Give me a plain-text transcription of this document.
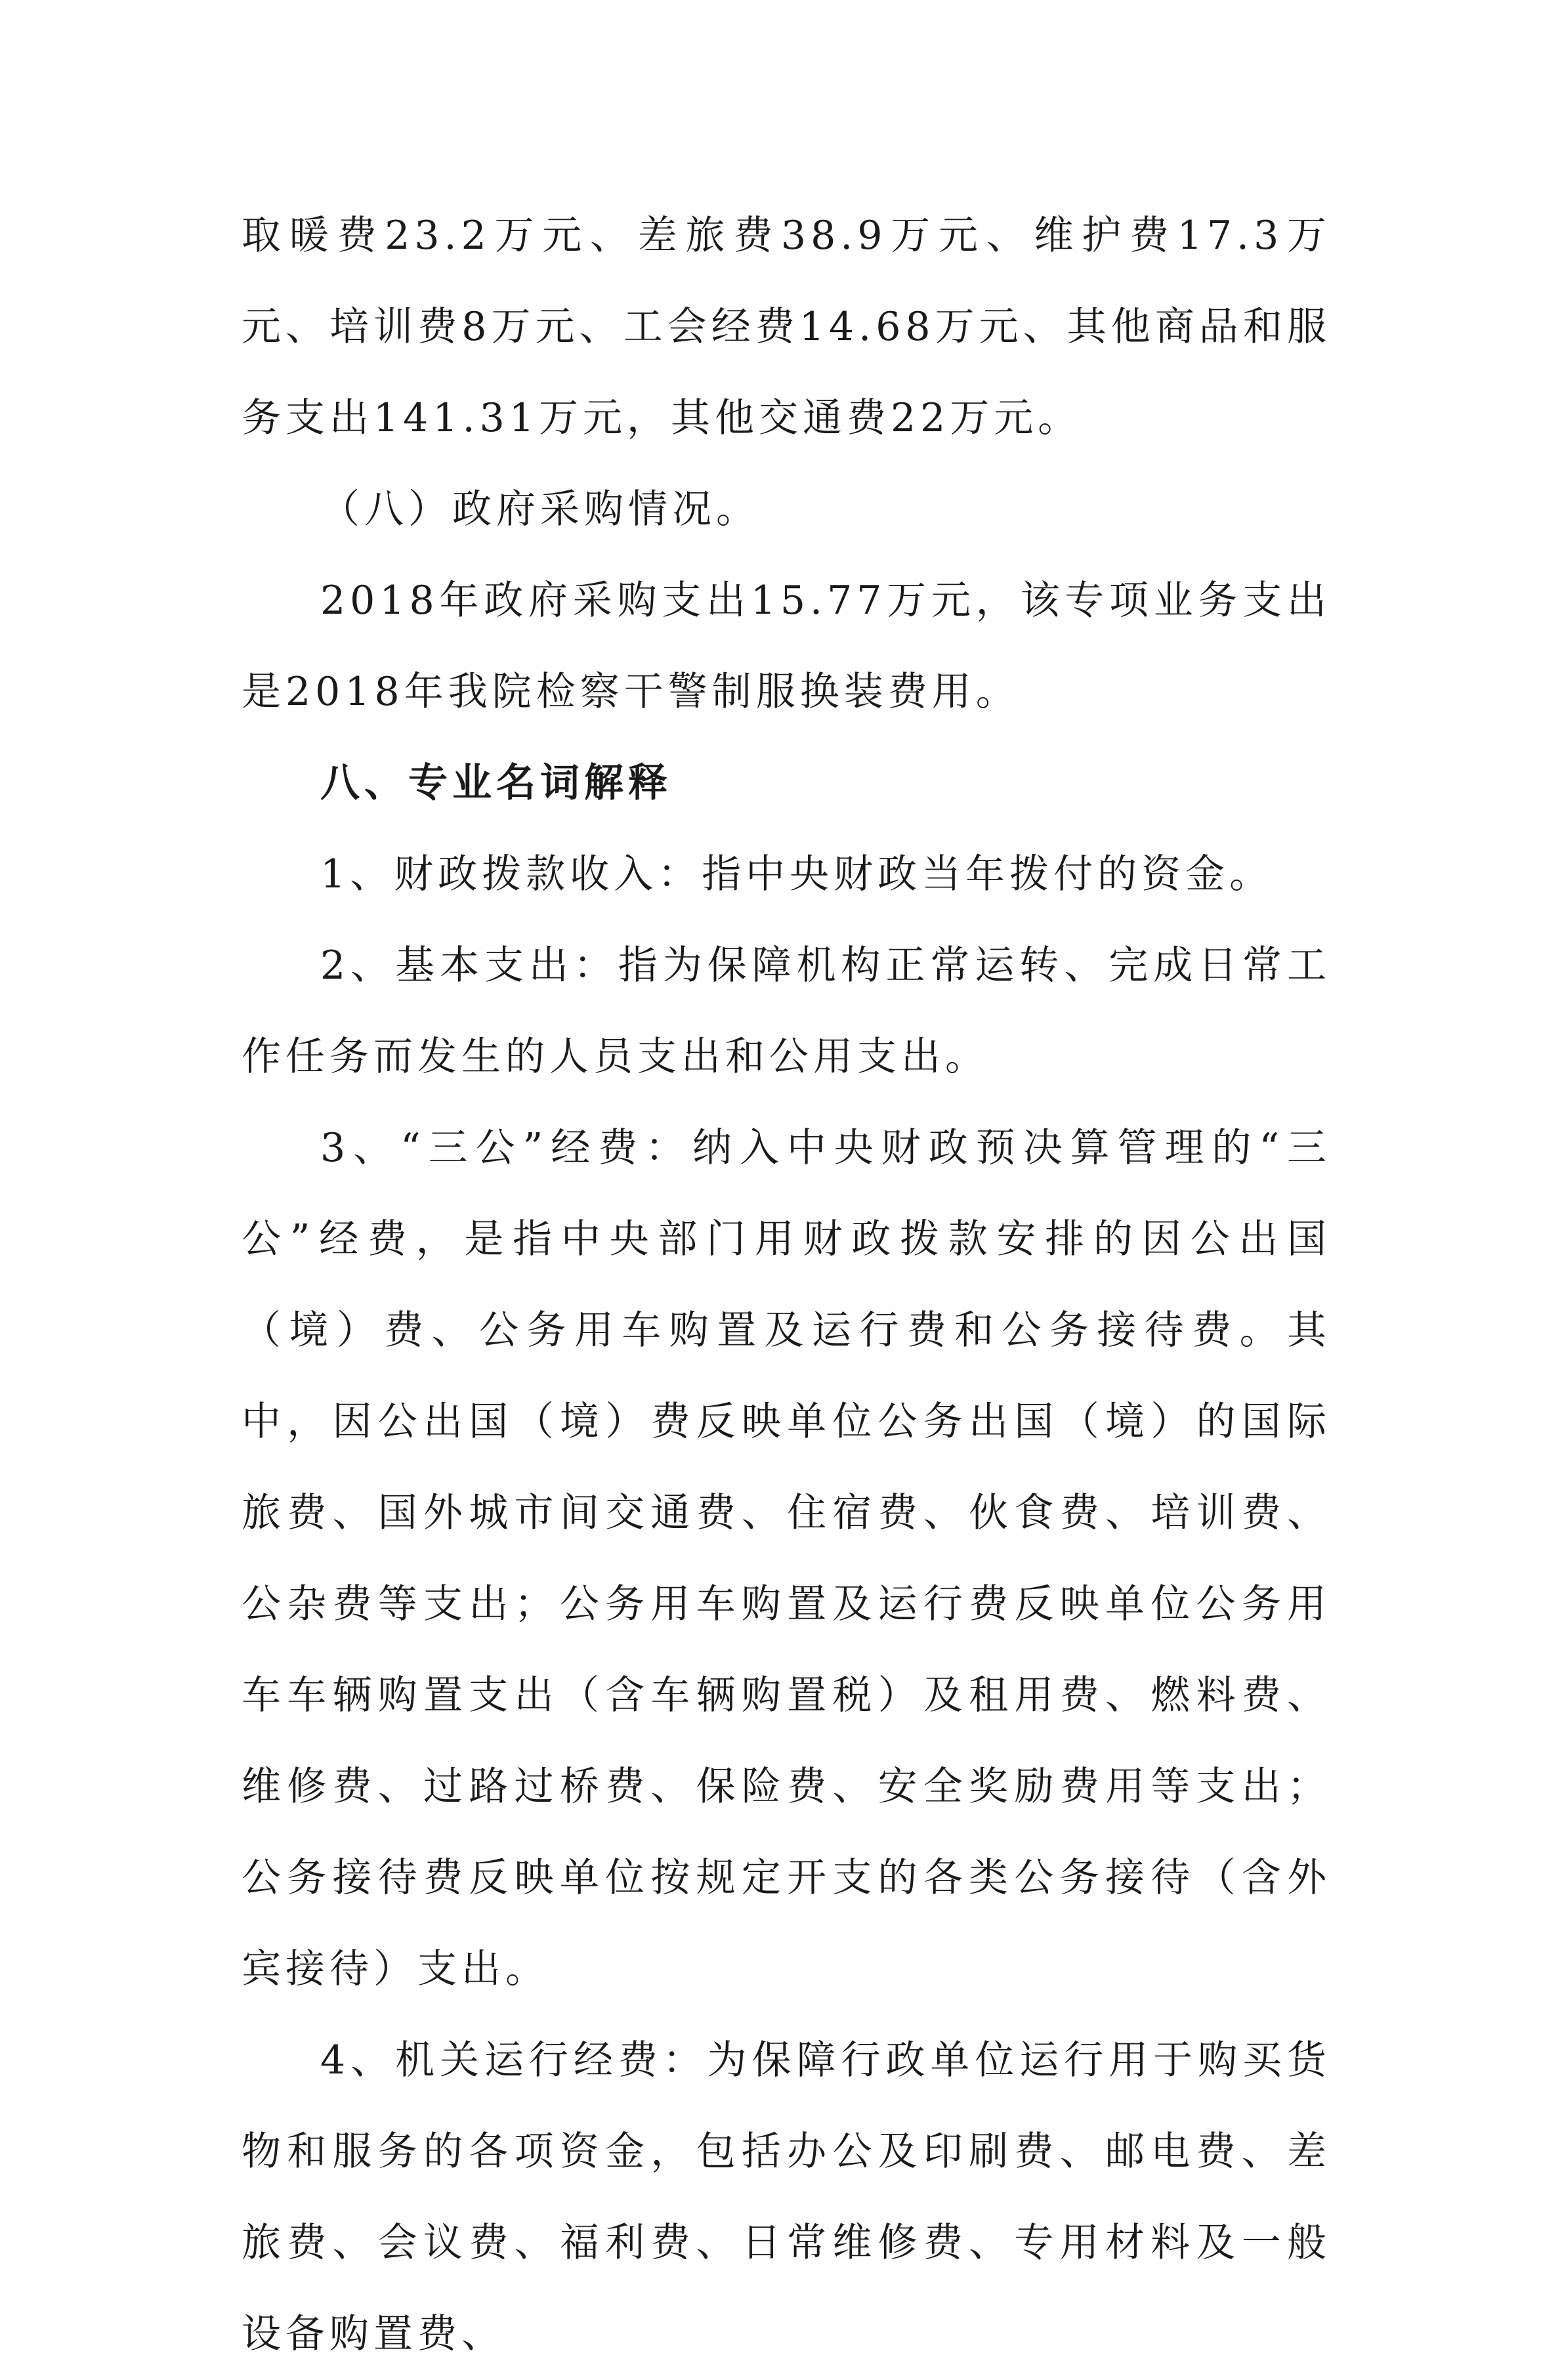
取暖费23.2万元、差旅费38.9万元、维护费17.3万元、培训费8万元、工会经费14.68万元、其他商品和服务支出141.31万元，其他交通费22万元。

（八）政府采购情况。

2018年政府采购支出15.77万元，该专项业务支出是2018年我院检察干警制服换装费用。

八、专业名词解释

1、财政拨款收入：指中央财政当年拨付的资金。

2、基本支出：指为保障机构正常运转、完成日常工作任务而发生的人员支出和公用支出。

3、“三公”经费：纳入中央财政预决算管理的“三公”经费，是指中央部门用财政拨款安排的因公出国（境）费、公务用车购置及运行费和公务接待费。其中，因公出国（境）费反映单位公务出国（境）的国际旅费、国外城市间交通费、住宿费、伙食费、培训费、公杂费等支出；公务用车购置及运行费反映单位公务用车车辆购置支出（含车辆购置税）及租用费、燃料费、维修费、过路过桥费、保险费、安全奖励费用等支出；公务接待费反映单位按规定开支的各类公务接待（含外宾接待）支出。

4、机关运行经费：为保障行政单位运行用于购买货物和服务的各项资金，包括办公及印刷费、邮电费、差旅费、会议费、福利费、日常维修费、专用材料及一般设备购置费、
